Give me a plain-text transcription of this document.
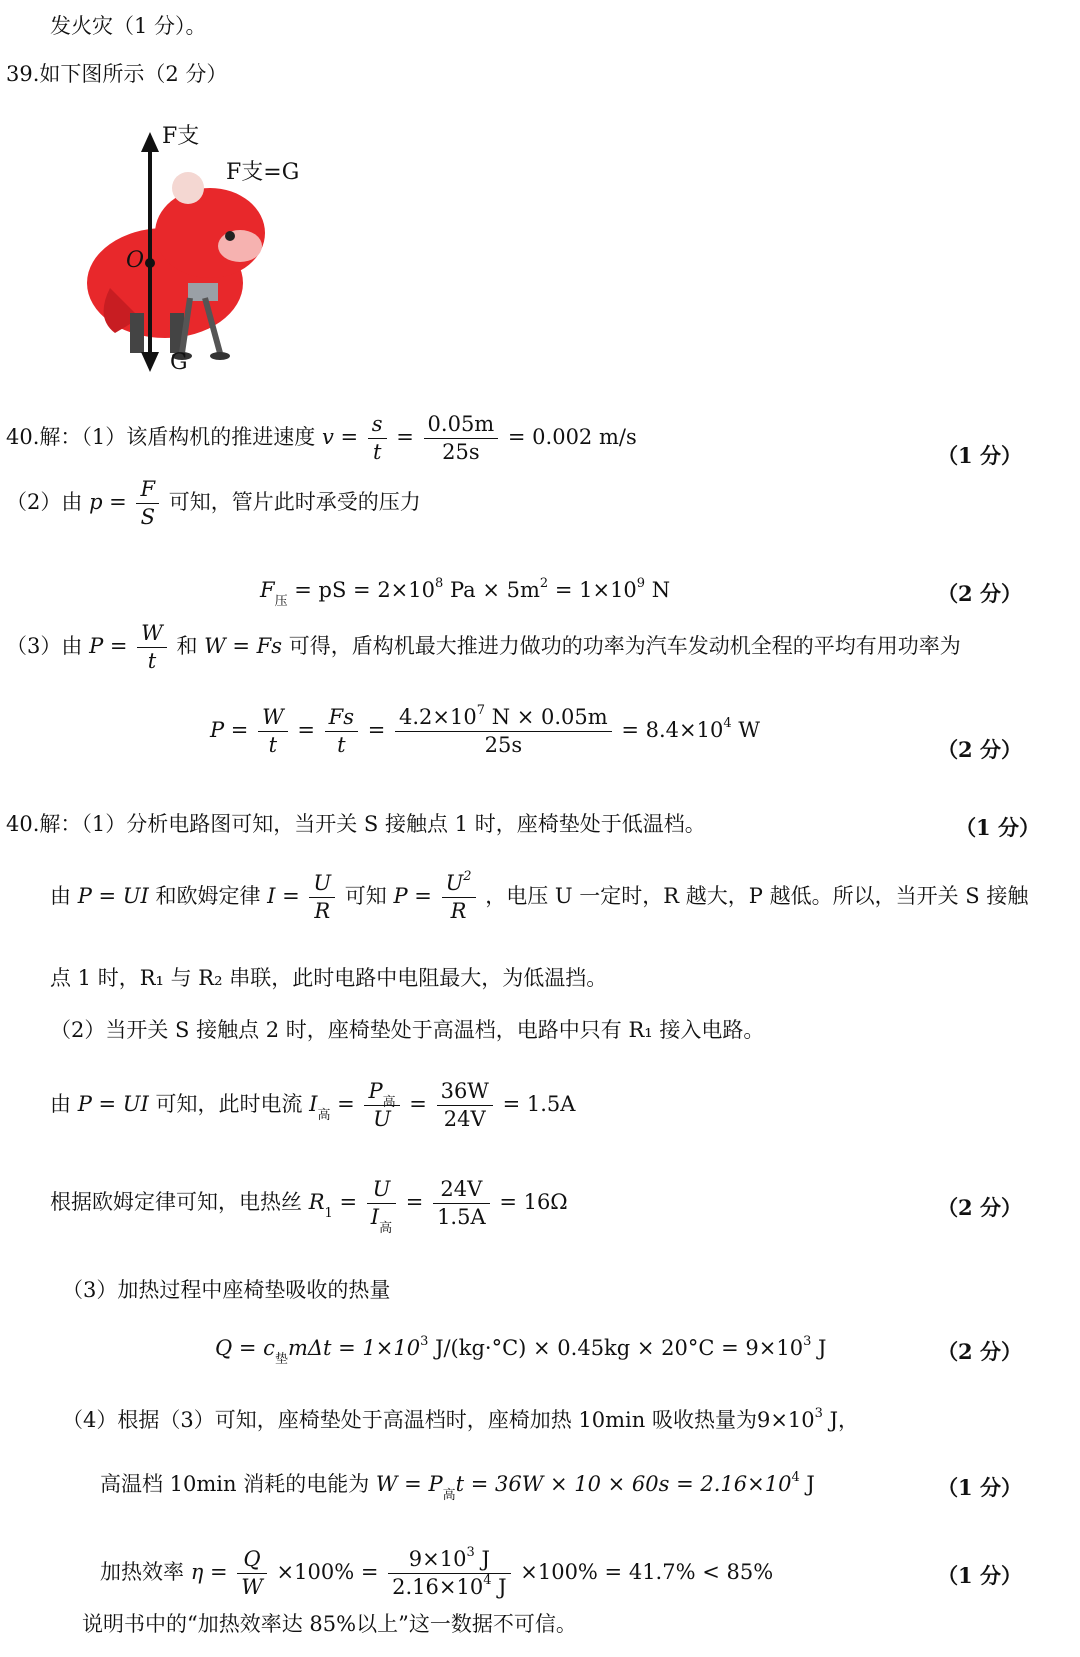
发火灾（1 分）。
39.如下图所示（2 分）
F支
F支=G
O
G
40.解：（1）该盾构机的推进速度 $v = \frac{s}{t} = \frac{0.05m}{25s} = 0.002$ m/s
（1 分）
（2）由 $p = \frac{F}{S}$ 可知，管片此时承受的压力
$F_压$ = pS = $2\times 10^8$ $Pa \times 5m^2 = 1\times 10^9$ N	（2 分）
（3）由 $P = \frac{W}{t}$ 和 W = Fs 可得，盾构机最大推进力做功的功率为汽车发动机全程的平均有用功率为
$P = \frac{W}{t} = \frac{Fs}{t} = \frac{4.2\times 10^7 N \times 0.05m}{25s} = 8.4\times 10^4$ W
（2 分）
40.解：（1）分析电路图可知，当开关 S 接触点 1 时，座椅垫处于低温档。	（1 分）
由 P = UI 和欧姆定律 $I = \frac{U}{R}$ 可知 $P = \frac{U^2}{R}$ ，电压 U 一定时，R 越大，P 越低。所以，当开关 S 接触
点 1 时，R₁ 与 R₂ 串联，此时电路中电阻最大，为低温挡。
（2）当开关 S 接触点 2 时，座椅垫处于高温档，电路中只有 R₁ 接入电路。
由 P = UI 可知，此时电流 $I_高 = \frac{P_高}{U} = \frac{36W}{24V} = 1.5A$
根据欧姆定律可知，电热丝 $R_1 = \frac{U}{I_高} = \frac{24V}{1.5A} = 16\Omega$	（2 分）
（3）加热过程中座椅垫吸收的热量
$Q = c_垫m\Delta t = 1\times 10^3$ $J/(kg\cdot^\circ C) \times 0.45kg \times 20^\circ C = 9\times 10^3$ J	（2 分）
（4）根据（3）可知，座椅垫处于高温档时，座椅加热 10min 吸收热量为$9\times 10^3$ J，
高温档 10min 消耗的电能为 $W = P_高t = 36W \times 10 \times 60s = 2.16\times 10^4$ J	（1 分）
加热效率 $\eta = \frac{Q}{W} \times 100\% = \frac{9\times 10^3 J}{2.16\times 10^4 J} \times 100\% = 41.7\% < 85\%$	（1 分）
说明书中的“加热效率达 85%以上”这一数据不可信。
